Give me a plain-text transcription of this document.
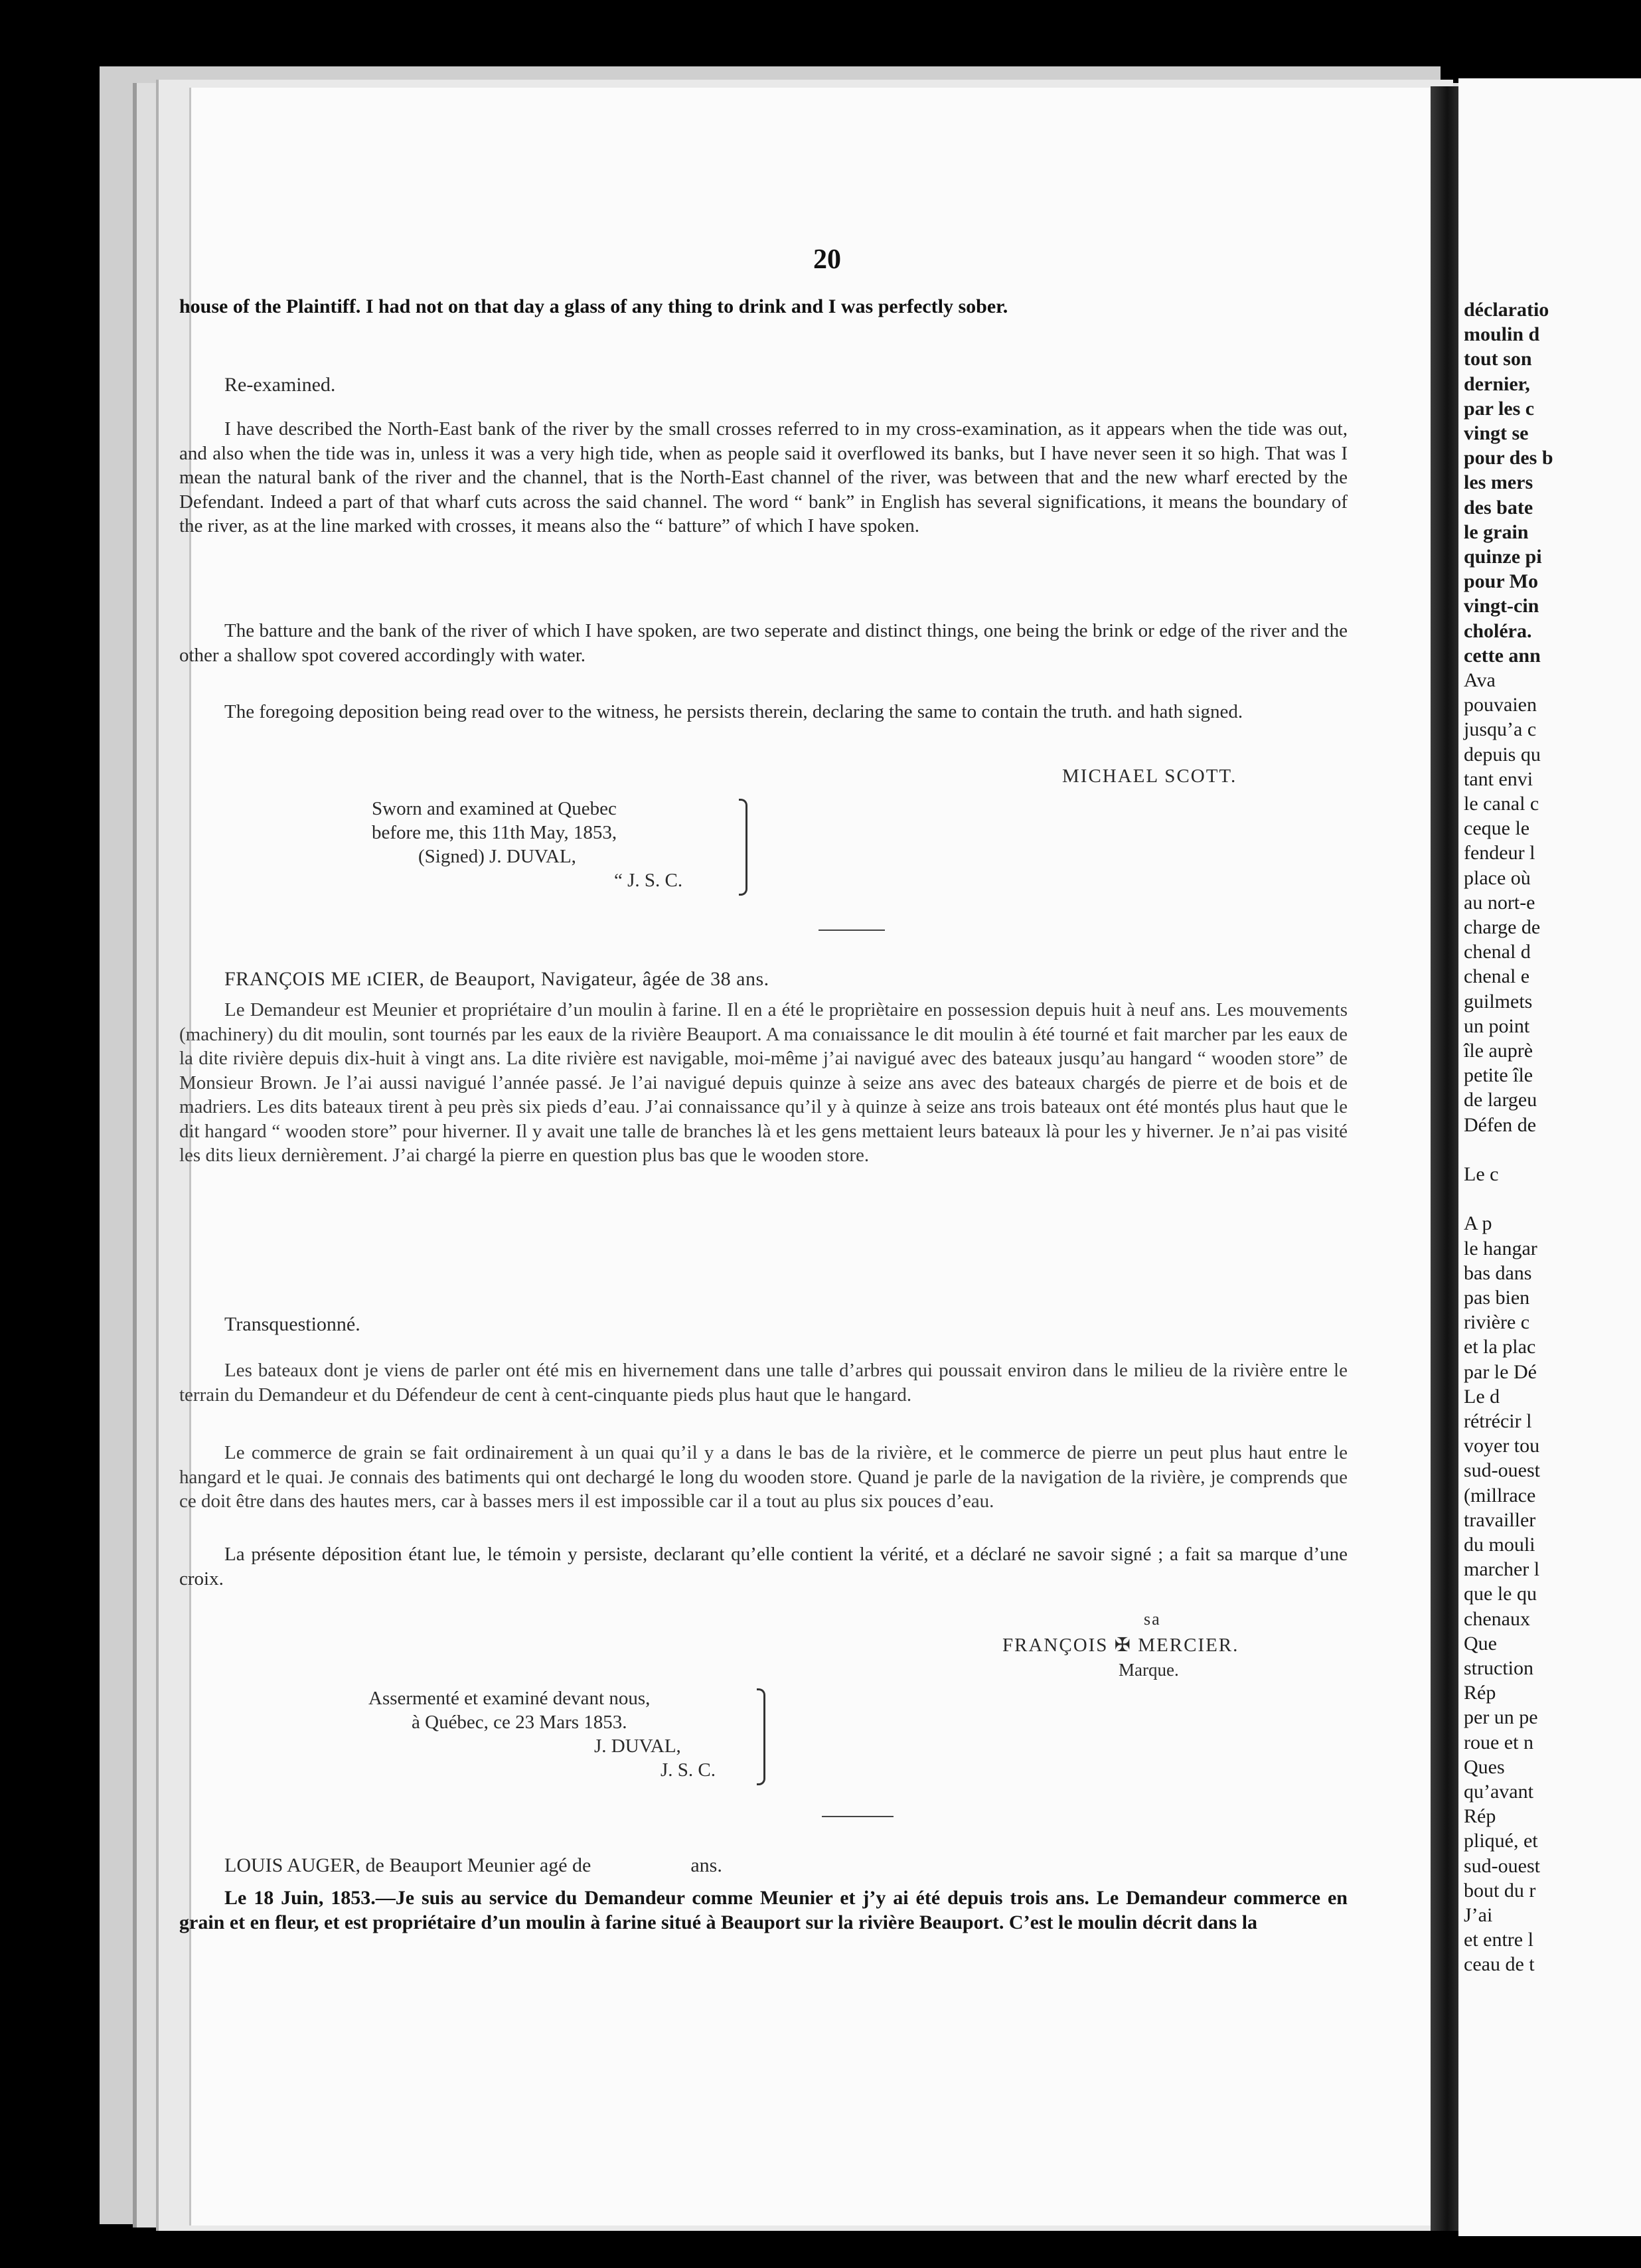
20

house of the Plaintiff. I had not on that day a glass of any thing to drink and I was perfectly sober.

Re-examined.

I have described the North-East bank of the river by the small crosses referred to in my cross-examination, as it appears when the tide was out, and also when the tide was in, unless it was a very high tide, when as people said it overflowed its banks, but I have never seen it so high. That was I mean the natural bank of the river and the channel, that is the North-East channel of the river, was between that and the new wharf erected by the Defendant. Indeed a part of that wharf cuts across the said channel. The word “ bank” in English has several significations, it means the boundary of the river, as at the line marked with crosses, it means also the “ batture” of which I have spoken.

The batture and the bank of the river of which I have spoken, are two seperate and distinct things, one being the brink or edge of the river and the other a shallow spot covered accordingly with water.

The foregoing deposition being read over to the witness, he persists therein, declaring the same to contain the truth. and hath signed.

MICHAEL SCOTT.
Sworn and examined at Quebec
before me, this 11th May, 1853,
(Signed) J. DUVAL,
“ J. S. C.

FRANÇOIS ME ıCIER, de Beauport, Navigateur, âgée de 38 ans.

Le Demandeur est Meunier et propriétaire d’un moulin à farine. Il en a été le propriètaire en possession depuis huit à neuf ans. Les mouvements (machinery) du dit moulin, sont tournés par les eaux de la rivière Beauport. A ma conıaissance le dit moulin à été tourné et fait marcher par les eaux de la dite rivière depuis dix-huit à vingt ans. La dite rivière est navigable, moi-même j’ai navigué avec des bateaux jusqu’au hangard “ wooden store” de Monsieur Brown. Je l’ai aussi navigué l’année passé. Je l’ai navigué depuis quinze à seize ans avec des bateaux chargés de pierre et de bois et de madriers. Les dits bateaux tirent à peu près six pieds d’eau. J’ai connaissance qu’il y à quinze à seize ans trois bateaux ont été montés plus haut que le dit hangard “ wooden store” pour hiverner. Il y avait une talle de branches là et les gens mettaient leurs bateaux là pour les y hiverner. Je n’ai pas visité les dits lieux dernièrement. J’ai chargé la pierre en question plus bas que le wooden store.

Transquestionné.

Les bateaux dont je viens de parler ont été mis en hivernement dans une talle d’arbres qui poussait environ dans le milieu de la rivière entre le terrain du Demandeur et du Défendeur de cent à cent-cinquante pieds plus haut que le hangard.

Le commerce de grain se fait ordinairement à un quai qu’il y a dans le bas de la rivière, et le commerce de pierre un peut plus haut entre le hangard et le quai. Je connais des batiments qui ont dechargé le long du wooden store. Quand je parle de la navigation de la rivière, je comprends que ce doit être dans des hautes mers, car à basses mers il est impossible car il a tout au plus six pouces d’eau.

La présente déposition étant lue, le témoin y persiste, declarant qu’elle contient la vérité, et a déclaré ne savoir signé ; a fait sa marque d’une croix.

sa
FRANÇOIS ✠ MERCIER.
Marque.
Assermenté et examiné devant nous,
à Québec, ce 23 Mars 1853.
J. DUVAL,
J. S. C.

LOUIS AUGER, de Beauport Meunier agé de                    ans.

Le 18 Juin, 1853.—Je suis au service du Demandeur comme Meunier et j’y ai été depuis trois ans. Le Demandeur commerce en grain et en fleur, et est propriétaire d’un moulin à farine situé à Beauport sur la rivière Beauport. C’est le moulin décrit dans la

déclaratio
moulin d
tout son
dernier,
par les c
vingt se
pour des b
les mers
des bate
le grain
quinze pi
pour Mo
vingt-cin
choléra.
cette ann
Ava
pouvaien
jusqu’a c
depuis qu
tant envi
le canal c
ceque le
fendeur l
place où
au nort-e
charge de
chenal d
chenal e
guilmets
un point
île auprè
petite île
de largeu
Défen de
Le c
A p
le hangar
bas dans
pas bien
rivière c
et la plac
par le Dé
Le d
rétrécir l
voyer tou
sud-ouest
(millrace
travailler
du mouli
marcher l
que le qu
chenaux
Que
struction
Rép
per un pe
roue et n
Ques
qu’avant
Rép
pliqué, et
sud-ouest
bout du r
J’ai
et entre l
ceau de t
